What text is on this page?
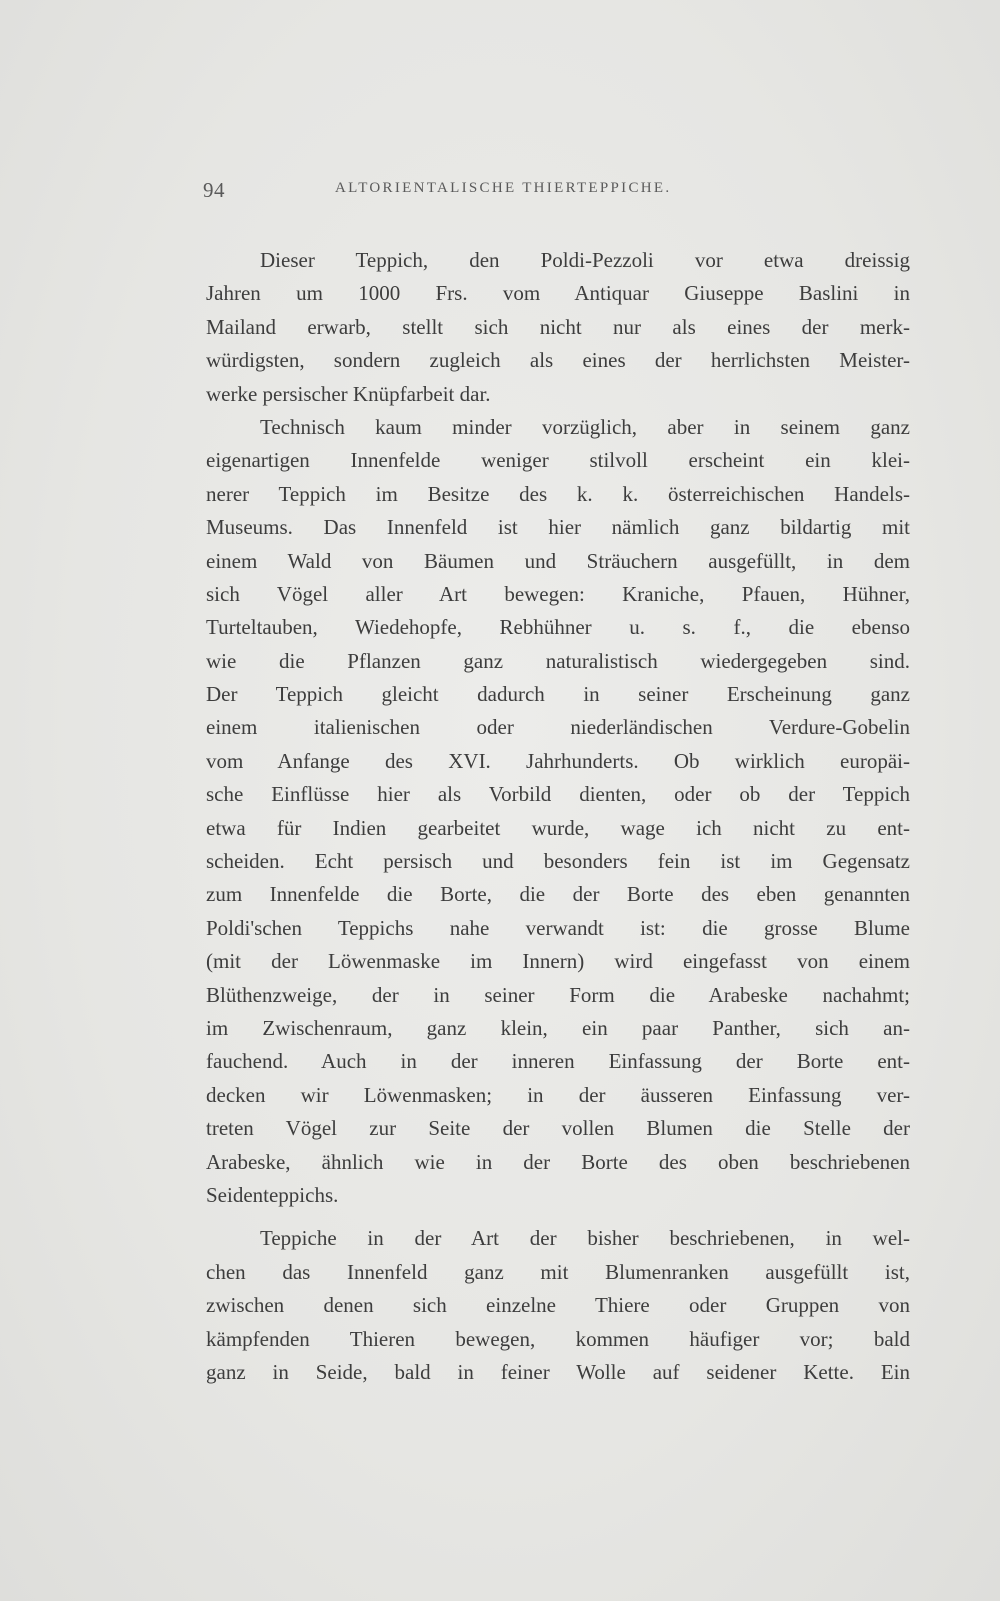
94	ALTORIENTALISCHE THIERTEPPICHE.
Dieser Teppich, den Poldi-Pezzoli vor etwa dreissig
Jahren um 1000 Frs. vom Antiquar Giuseppe Baslini in
Mailand erwarb, stellt sich nicht nur als eines der merk-
würdigsten, sondern zugleich als eines der herrlichsten Meister-
werke persischer Knüpfarbeit dar.
Technisch kaum minder vorzüglich, aber in seinem ganz
eigenartigen Innenfelde weniger stilvoll erscheint ein klei-
nerer Teppich im Besitze des k. k. österreichischen Handels-
Museums. Das Innenfeld ist hier nämlich ganz bildartig mit
einem Wald von Bäumen und Sträuchern ausgefüllt, in dem
sich Vögel aller Art bewegen: Kraniche, Pfauen, Hühner,
Turteltauben, Wiedehopfe, Rebhühner u. s. f., die ebenso
wie die Pflanzen ganz naturalistisch wiedergegeben sind.
Der Teppich gleicht dadurch in seiner Erscheinung ganz
einem italienischen oder niederländischen Verdure-Gobelin
vom Anfange des XVI. Jahrhunderts. Ob wirklich europäi-
sche Einflüsse hier als Vorbild dienten, oder ob der Teppich
etwa für Indien gearbeitet wurde, wage ich nicht zu ent-
scheiden. Echt persisch und besonders fein ist im Gegensatz
zum Innenfelde die Borte, die der Borte des eben genannten
Poldi'schen Teppichs nahe verwandt ist: die grosse Blume
(mit der Löwenmaske im Innern) wird eingefasst von einem
Blüthenzweige, der in seiner Form die Arabeske nachahmt;
im Zwischenraum, ganz klein, ein paar Panther, sich an-
fauchend. Auch in der inneren Einfassung der Borte ent-
decken wir Löwenmasken; in der äusseren Einfassung ver-
treten Vögel zur Seite der vollen Blumen die Stelle der
Arabeske, ähnlich wie in der Borte des oben beschriebenen
Seidenteppichs.
Teppiche in der Art der bisher beschriebenen, in wel-
chen das Innenfeld ganz mit Blumenranken ausgefüllt ist,
zwischen denen sich einzelne Thiere oder Gruppen von
kämpfenden Thieren bewegen, kommen häufiger vor; bald
ganz in Seide, bald in feiner Wolle auf seidener Kette. Ein
